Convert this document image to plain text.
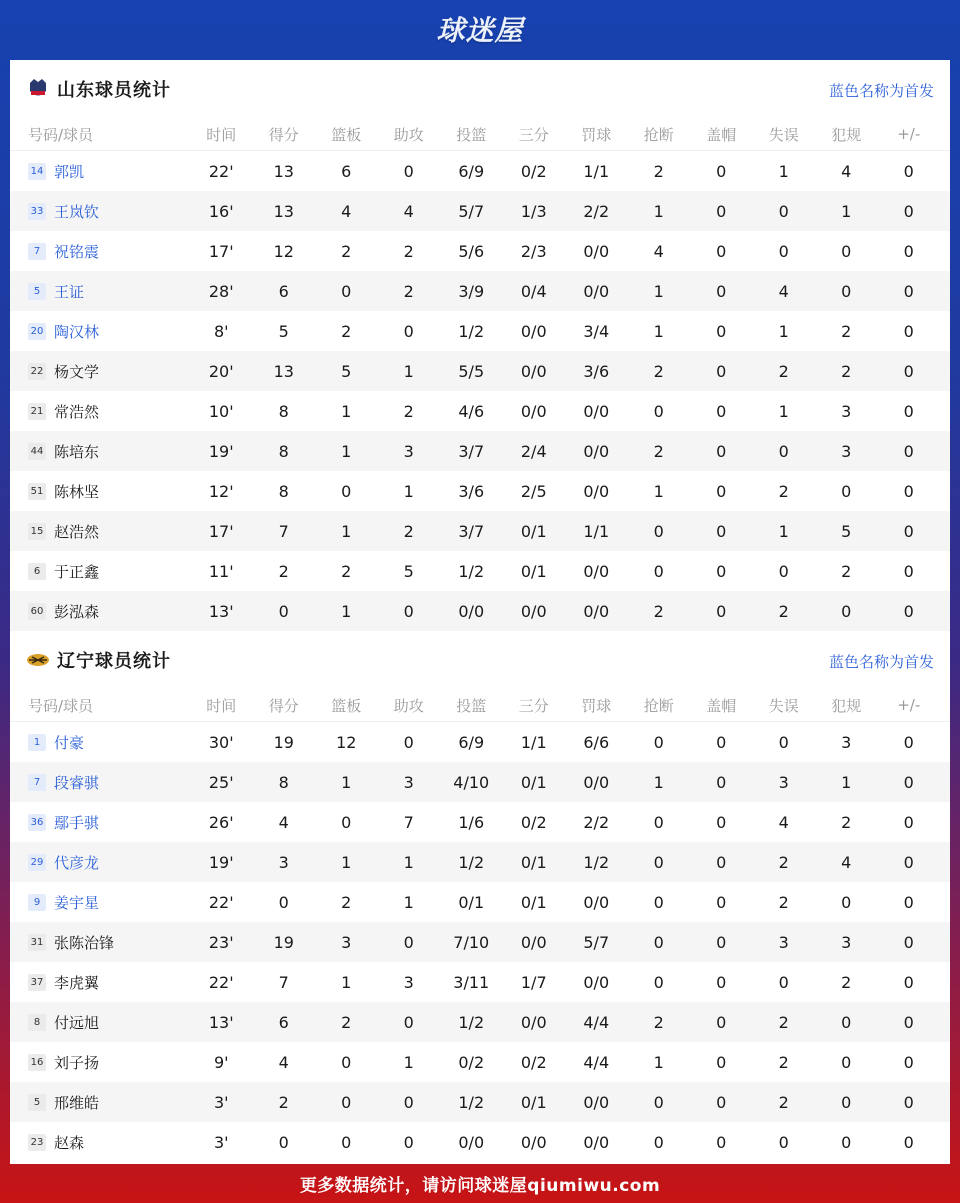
球迷屋
山东球员统计	蓝色名称为首发
号码/球员	时间	得分	篮板	助攻	投篮	三分	罚球	抢断	盖帽	失误	犯规	+/-
14 郭凯	22'	13	6	0	6/9	0/2	1/1	2	0	1	4	0
33 王岚钦	16'	13	4	4	5/7	1/3	2/2	1	0	0	1	0
7 祝铭震	17'	12	2	2	5/6	2/3	0/0	4	0	0	0	0
5 王证	28'	6	0	2	3/9	0/4	0/0	1	0	4	0	0
20 陶汉林	8'	5	2	0	1/2	0/0	3/4	1	0	1	2	0
22 杨文学	20'	13	5	1	5/5	0/0	3/6	2	0	2	2	0
21 常浩然	10'	8	1	2	4/6	0/0	0/0	0	0	1	3	0
44 陈培东	19'	8	1	3	3/7	2/4	0/0	2	0	0	3	0
51 陈林坚	12'	8	0	1	3/6	2/5	0/0	1	0	2	0	0
15 赵浩然	17'	7	1	2	3/7	0/1	1/1	0	0	1	5	0
6 于正鑫	11'	2	2	5	1/2	0/1	0/0	0	0	0	2	0
60 彭泓森	13'	0	1	0	0/0	0/0	0/0	2	0	2	0	0
辽宁球员统计	蓝色名称为首发
号码/球员	时间	得分	篮板	助攻	投篮	三分	罚球	抢断	盖帽	失误	犯规	+/-
1 付豪	30'	19	12	0	6/9	1/1	6/6	0	0	0	3	0
7 段睿骐	25'	8	1	3	4/10	0/1	0/0	1	0	3	1	0
36 鄢手骐	26'	4	0	7	1/6	0/2	2/2	0	0	4	2	0
29 代彦龙	19'	3	1	1	1/2	0/1	1/2	0	0	2	4	0
9 姜宇星	22'	0	2	1	0/1	0/1	0/0	0	0	2	0	0
31 张陈治锋	23'	19	3	0	7/10	0/0	5/7	0	0	3	3	0
37 李虎翼	22'	7	1	3	3/11	1/7	0/0	0	0	0	2	0
8 付远旭	13'	6	2	0	1/2	0/0	4/4	2	0	2	0	0
16 刘子扬	9'	4	0	1	0/2	0/2	4/4	1	0	2	0	0
5 邢维皓	3'	2	0	0	1/2	0/1	0/0	0	0	2	0	0
23 赵森	3'	0	0	0	0/0	0/0	0/0	0	0	0	0	0
更多数据统计，请访问球迷屋qiumiwu.com
